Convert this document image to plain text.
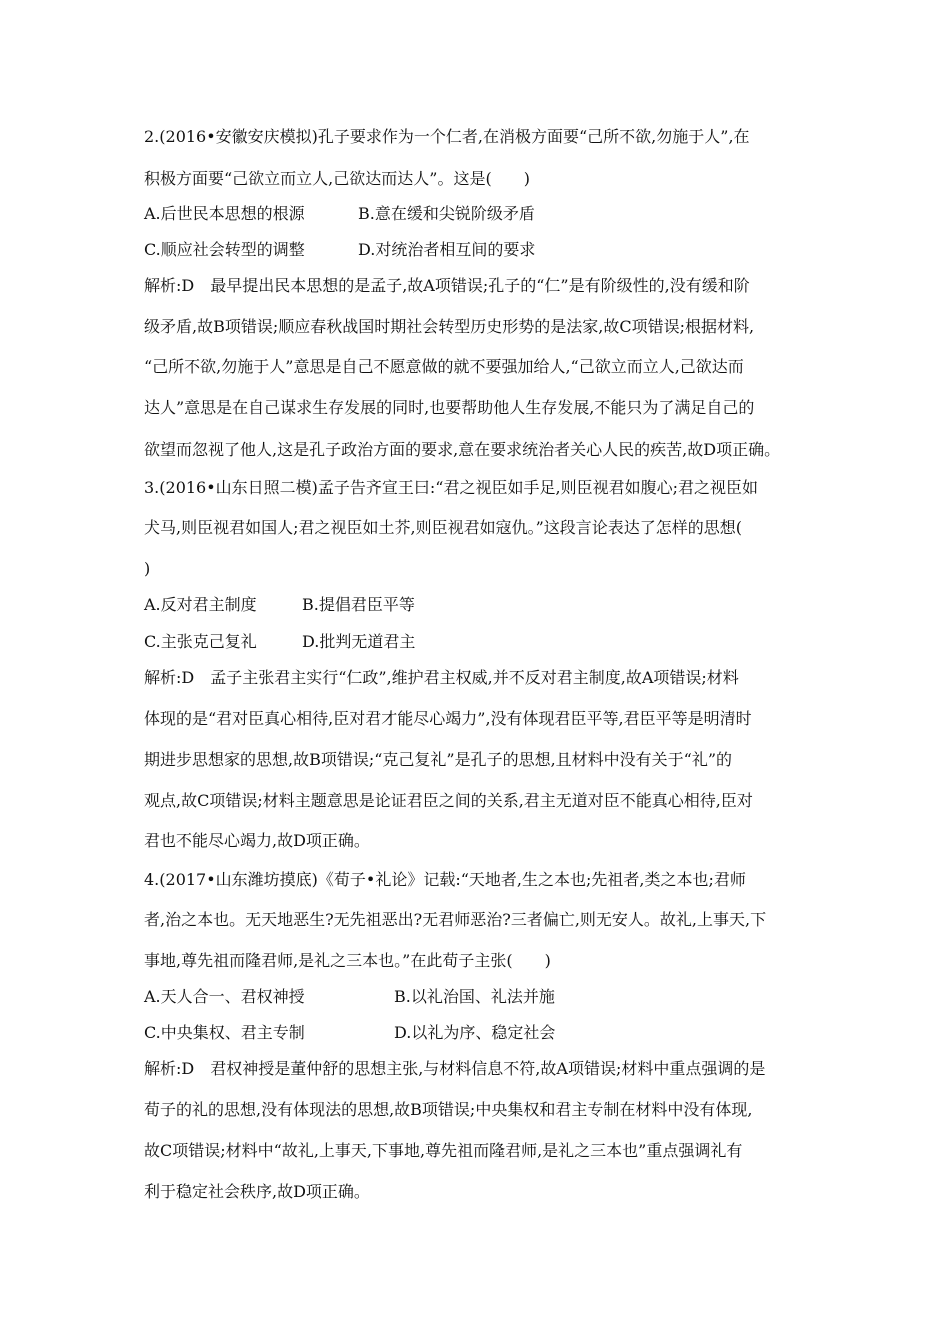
2.(2016•安徽安庆模拟)孔子要求作为一个仁者,在消极方面要“己所不欲,勿施于人”,在
积极方面要“己欲立而立人,己欲达而达人”。这是(　　)
A.后世民本思想的根源	B.意在缓和尖锐阶级矛盾
C.顺应社会转型的调整	D.对统治者相互间的要求
解析:D　最早提出民本思想的是孟子,故A项错误;孔子的“仁”是有阶级性的,没有缓和阶
级矛盾,故B项错误;顺应春秋战国时期社会转型历史形势的是法家,故C项错误;根据材料,
“己所不欲,勿施于人”意思是自己不愿意做的就不要强加给人,“己欲立而立人,己欲达而
达人”意思是在自己谋求生存发展的同时,也要帮助他人生存发展,不能只为了满足自己的
欲望而忽视了他人,这是孔子政治方面的要求,意在要求统治者关心人民的疾苦,故D项正确。
3.(2016•山东日照二模)孟子告齐宣王曰:“君之视臣如手足,则臣视君如腹心;君之视臣如
犬马,则臣视君如国人;君之视臣如土芥,则臣视君如寇仇。”这段言论表达了怎样的思想(
)
A.反对君主制度	B.提倡君臣平等
C.主张克己复礼	D.批判无道君主
解析:D　孟子主张君主实行“仁政”,维护君主权威,并不反对君主制度,故A项错误;材料
体现的是“君对臣真心相待,臣对君才能尽心竭力”,没有体现君臣平等,君臣平等是明清时
期进步思想家的思想,故B项错误;“克己复礼”是孔子的思想,且材料中没有关于“礼”的
观点,故C项错误;材料主题意思是论证君臣之间的关系,君主无道对臣不能真心相待,臣对
君也不能尽心竭力,故D项正确。
4.(2017•山东潍坊摸底)《荀子•礼论》记载:“天地者,生之本也;先祖者,类之本也;君师
者,治之本也。无天地恶生?无先祖恶出?无君师恶治?三者偏亡,则无安人。故礼,上事天,下
事地,尊先祖而隆君师,是礼之三本也。”在此荀子主张(　　)
A.天人合一、君权神授	B.以礼治国、礼法并施
C.中央集权、君主专制	D.以礼为序、稳定社会
解析:D　君权神授是董仲舒的思想主张,与材料信息不符,故A项错误;材料中重点强调的是
荀子的礼的思想,没有体现法的思想,故B项错误;中央集权和君主专制在材料中没有体现,
故C项错误;材料中“故礼,上事天,下事地,尊先祖而隆君师,是礼之三本也”重点强调礼有
利于稳定社会秩序,故D项正确。
